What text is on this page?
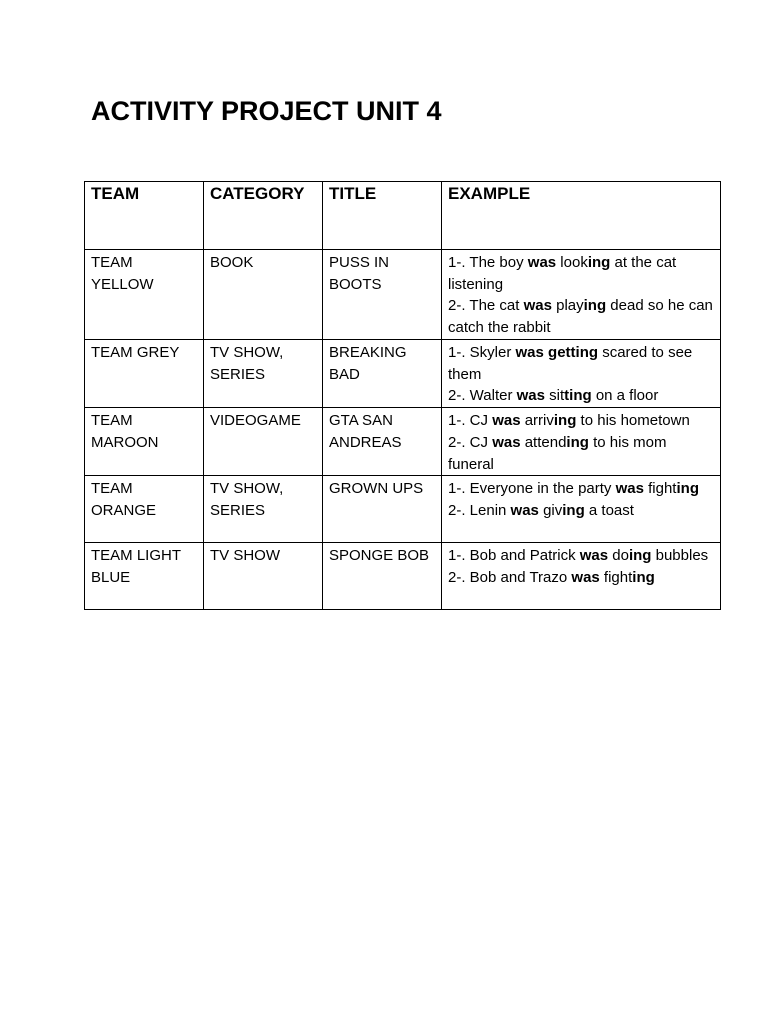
ACTIVITY PROJECT UNIT 4
TEAM	CATEGORY	TITLE	EXAMPLE
TEAM YELLOW	BOOK	PUSS IN BOOTS	1-. The boy was looking at the cat listening
2-. The cat was playing dead so he can catch the rabbit

TEAM GREY	TV SHOW, SERIES	BREAKING BAD	1-. Skyler was getting scared to see them
2-. Walter was sitting on a floor

TEAM MAROON	VIDEOGAME	GTA SAN ANDREAS	1-. CJ was arriving to his hometown
2-. CJ was attending to his mom funeral

TEAM ORANGE	TV SHOW, SERIES	GROWN UPS	1-. Everyone in the party was fighting
2-. Lenin was giving a toast

TEAM LIGHT BLUE	TV SHOW	SPONGE BOB	1-. Bob and Patrick was doing bubbles
2-. Bob and Trazo was fighting
